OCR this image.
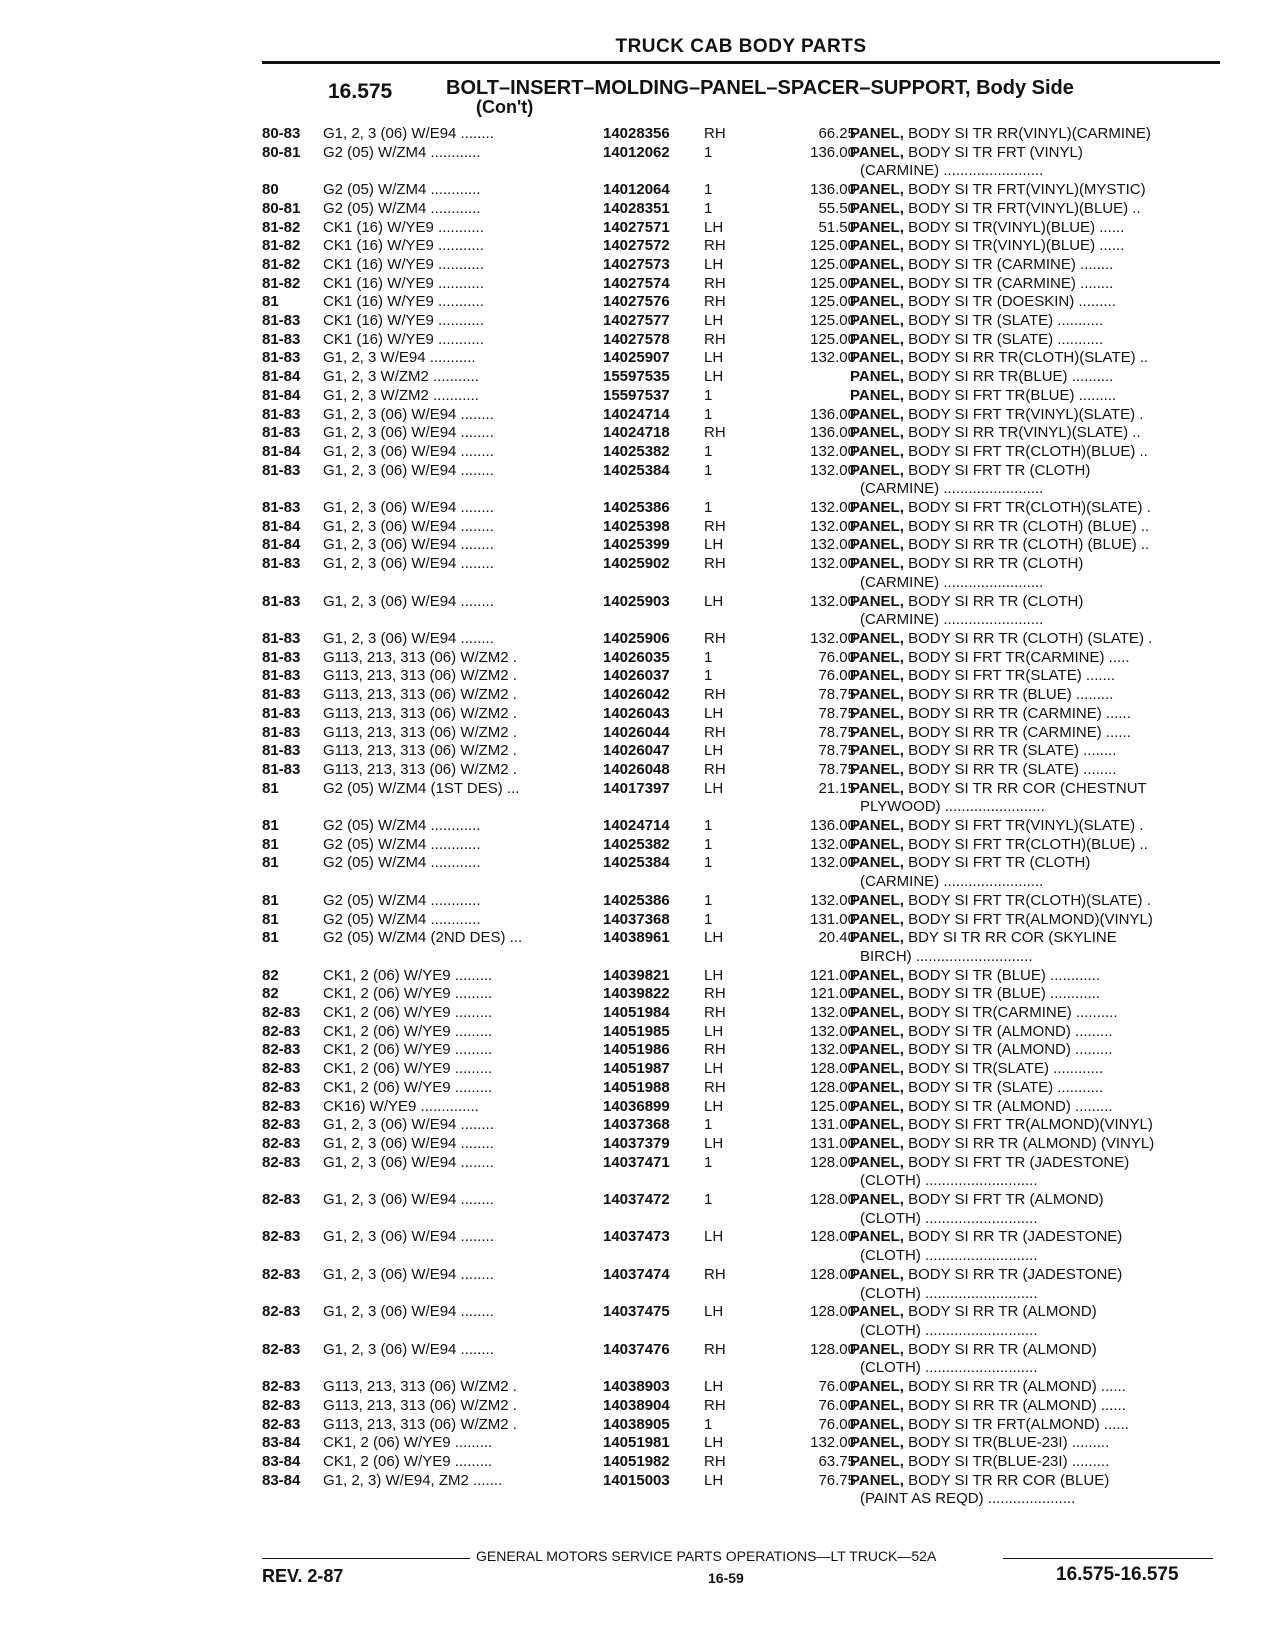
TRUCK CAB BODY PARTS
16.575	BOLT–INSERT–MOLDING–PANEL–SPACER–SUPPORT, Body Side
(Con't)
80-83	G1, 2, 3 (06) W/E94 ........	14028356	RH	66.25
PANEL, BODY SI TR RR(VINYL)(CARMINE)
80-81	G2 (05) W/ZM4 ............	14012062	1	136.00
PANEL, BODY SI TR FRT (VINYL)
(CARMINE) ........................
80	G2 (05) W/ZM4 ............	14012064	1	136.00
PANEL, BODY SI TR FRT(VINYL)(MYSTIC)
80-81	G2 (05) W/ZM4 ............	14028351	1	55.50
PANEL, BODY SI TR FRT(VINYL)(BLUE) ..
81-82	CK1 (16) W/YE9 ...........	14027571	LH	51.50
PANEL, BODY SI TR(VINYL)(BLUE) ......
81-82	CK1 (16) W/YE9 ...........	14027572	RH	125.00
PANEL, BODY SI TR(VINYL)(BLUE) ......
81-82	CK1 (16) W/YE9 ...........	14027573	LH	125.00
PANEL, BODY SI TR (CARMINE) ........
81-82	CK1 (16) W/YE9 ...........	14027574	RH	125.00
PANEL, BODY SI TR (CARMINE) ........
81	CK1 (16) W/YE9 ...........	14027576	RH	125.00
PANEL, BODY SI TR (DOESKIN) .........
81-83	CK1 (16) W/YE9 ...........	14027577	LH	125.00
PANEL, BODY SI TR (SLATE) ...........
81-83	CK1 (16) W/YE9 ...........	14027578	RH	125.00
PANEL, BODY SI TR (SLATE) ...........
81-83	G1, 2, 3 W/E94 ...........	14025907	LH	132.00
PANEL, BODY SI RR TR(CLOTH)(SLATE) ..
81-84	G1, 2, 3 W/ZM2 ...........	15597535	LH	PANEL, BODY SI RR TR(BLUE) ..........
81-84	G1, 2, 3 W/ZM2 ...........	15597537	1	PANEL, BODY SI FRT TR(BLUE) .........
81-83	G1, 2, 3 (06) W/E94 ........	14024714	1	136.00
PANEL, BODY SI FRT TR(VINYL)(SLATE) .
81-83	G1, 2, 3 (06) W/E94 ........	14024718	RH	136.00
PANEL, BODY SI RR TR(VINYL)(SLATE) ..
81-84	G1, 2, 3 (06) W/E94 ........	14025382	1	132.00
PANEL, BODY SI FRT TR(CLOTH)(BLUE) ..
81-83	G1, 2, 3 (06) W/E94 ........	14025384	1	132.00
PANEL, BODY SI FRT TR (CLOTH)
(CARMINE) ........................
81-83	G1, 2, 3 (06) W/E94 ........	14025386	1	132.00
PANEL, BODY SI FRT TR(CLOTH)(SLATE) .
81-84	G1, 2, 3 (06) W/E94 ........	14025398	RH	132.00
PANEL, BODY SI RR TR (CLOTH) (BLUE) ..
81-84	G1, 2, 3 (06) W/E94 ........	14025399	LH	132.00
PANEL, BODY SI RR TR (CLOTH) (BLUE) ..
81-83	G1, 2, 3 (06) W/E94 ........	14025902	RH	132.00
PANEL, BODY SI RR TR (CLOTH)
(CARMINE) ........................
81-83	G1, 2, 3 (06) W/E94 ........	14025903	LH	132.00
PANEL, BODY SI RR TR (CLOTH)
(CARMINE) ........................
81-83	G1, 2, 3 (06) W/E94 ........	14025906	RH	132.00
PANEL, BODY SI RR TR (CLOTH) (SLATE) .
81-83	G113, 213, 313 (06) W/ZM2 .	14026035	1	76.00
PANEL, BODY SI FRT TR(CARMINE) .....
81-83	G113, 213, 313 (06) W/ZM2 .	14026037	1	76.00
PANEL, BODY SI FRT TR(SLATE) .......
81-83	G113, 213, 313 (06) W/ZM2 .	14026042	RH	78.75
PANEL, BODY SI RR TR (BLUE) .........
81-83	G113, 213, 313 (06) W/ZM2 .	14026043	LH	78.75
PANEL, BODY SI RR TR (CARMINE) ......
81-83	G113, 213, 313 (06) W/ZM2 .	14026044	RH	78.75
PANEL, BODY SI RR TR (CARMINE) ......
81-83	G113, 213, 313 (06) W/ZM2 .	14026047	LH	78.75
PANEL, BODY SI RR TR (SLATE) ........
81-83	G113, 213, 313 (06) W/ZM2 .	14026048	RH	78.75
PANEL, BODY SI RR TR (SLATE) ........
81	G2 (05) W/ZM4 (1ST DES) ...	14017397	LH	21.15
PANEL, BODY SI TR RR COR (CHESTNUT
PLYWOOD) ........................
81	G2 (05) W/ZM4 ............	14024714	1	136.00
PANEL, BODY SI FRT TR(VINYL)(SLATE) .
81	G2 (05) W/ZM4 ............	14025382	1	132.00
PANEL, BODY SI FRT TR(CLOTH)(BLUE) ..
81	G2 (05) W/ZM4 ............	14025384	1	132.00
PANEL, BODY SI FRT TR (CLOTH)
(CARMINE) ........................
81	G2 (05) W/ZM4 ............	14025386	1	132.00
PANEL, BODY SI FRT TR(CLOTH)(SLATE) .
81	G2 (05) W/ZM4 ............	14037368	1	131.00
PANEL, BODY SI FRT TR(ALMOND)(VINYL)
81	G2 (05) W/ZM4 (2ND DES) ...	14038961	LH	20.40
PANEL, BDY SI TR RR COR (SKYLINE
BIRCH) ............................
82	CK1, 2 (06) W/YE9 .........	14039821	LH	121.00
PANEL, BODY SI TR (BLUE) ............
82	CK1, 2 (06) W/YE9 .........	14039822	RH	121.00
PANEL, BODY SI TR (BLUE) ............
82-83	CK1, 2 (06) W/YE9 .........	14051984	RH	132.00
PANEL, BODY SI TR(CARMINE) ..........
82-83	CK1, 2 (06) W/YE9 .........	14051985	LH	132.00
PANEL, BODY SI TR (ALMOND) .........
82-83	CK1, 2 (06) W/YE9 .........	14051986	RH	132.00
PANEL, BODY SI TR (ALMOND) .........
82-83	CK1, 2 (06) W/YE9 .........	14051987	LH	128.00
PANEL, BODY SI TR(SLATE) ............
82-83	CK1, 2 (06) W/YE9 .........	14051988	RH	128.00
PANEL, BODY SI TR (SLATE) ...........
82-83	CK16) W/YE9 ..............	14036899	LH	125.00
PANEL, BODY SI TR (ALMOND) .........
82-83	G1, 2, 3 (06) W/E94 ........	14037368	1	131.00
PANEL, BODY SI FRT TR(ALMOND)(VINYL)
82-83	G1, 2, 3 (06) W/E94 ........	14037379	LH	131.00
PANEL, BODY SI RR TR (ALMOND) (VINYL)
82-83	G1, 2, 3 (06) W/E94 ........	14037471	1	128.00
PANEL, BODY SI FRT TR (JADESTONE)
(CLOTH) ...........................
82-83	G1, 2, 3 (06) W/E94 ........	14037472	1	128.00
PANEL, BODY SI FRT TR (ALMOND)
(CLOTH) ...........................
82-83	G1, 2, 3 (06) W/E94 ........	14037473	LH	128.00
PANEL, BODY SI RR TR (JADESTONE)
(CLOTH) ...........................
82-83	G1, 2, 3 (06) W/E94 ........	14037474	RH	128.00
PANEL, BODY SI RR TR (JADESTONE)
(CLOTH) ...........................
82-83	G1, 2, 3 (06) W/E94 ........	14037475	LH	128.00
PANEL, BODY SI RR TR (ALMOND)
(CLOTH) ...........................
82-83	G1, 2, 3 (06) W/E94 ........	14037476	RH	128.00
PANEL, BODY SI RR TR (ALMOND)
(CLOTH) ...........................
82-83	G113, 213, 313 (06) W/ZM2 .	14038903	LH	76.00
PANEL, BODY SI RR TR (ALMOND) ......
82-83	G113, 213, 313 (06) W/ZM2 .	14038904	RH	76.00
PANEL, BODY SI RR TR (ALMOND) ......
82-83	G113, 213, 313 (06) W/ZM2 .	14038905	1	76.00
PANEL, BODY SI TR FRT(ALMOND) ......
83-84	CK1, 2 (06) W/YE9 .........	14051981	LH	132.00
PANEL, BODY SI TR(BLUE-23I) .........
83-84	CK1, 2 (06) W/YE9 .........	14051982	RH	63.75
PANEL, BODY SI TR(BLUE-23I) .........
83-84	G1, 2, 3) W/E94, ZM2 .......	14015003	LH	76.75
PANEL, BODY SI TR RR COR (BLUE)
(PAINT AS REQD) .....................
GENERAL MOTORS SERVICE PARTS OPERATIONS—LT TRUCK—52A
REV. 2-87	16-59	16.575-16.575
